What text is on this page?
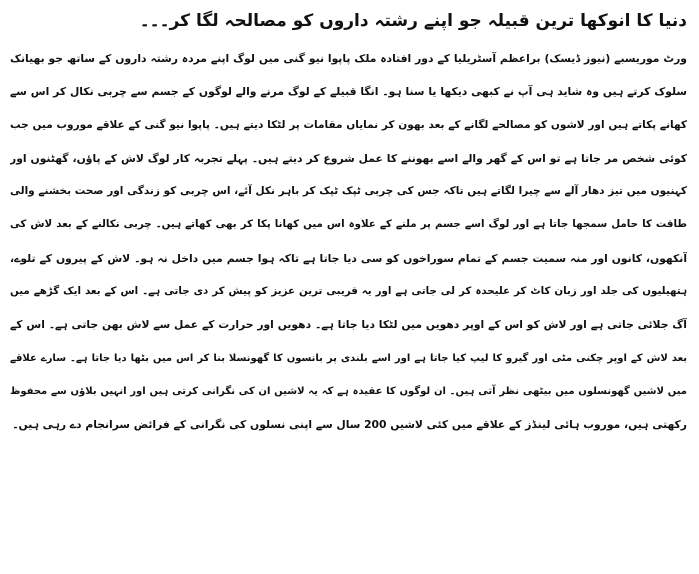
دنیا کا انوکھا ترین قبیلہ جو اپنے رشتہ داروں کو مصالحہ لگا کر۔۔۔
ورٹ موریسبے (نیوز ڈیسک) براعظم آسٹریلیا کے دور افتادہ ملک پاپوا نیو گنی میں لوگ اپنے مردہ رشتہ داروں کے ساتھ جو بھیانک
سلوک کرتے ہیں وہ شاید ہی آپ نے کبھی دیکھا یا سنا ہو۔ انگا قبیلے کے لوگ مرنے والے لوگوں کے جسم سے چربی نکال کر اس سے
کھانے پکاتے ہیں اور لاشوں کو مصالحے لگانے کے بعد بھون کر نمایاں مقامات پر لٹکا دیتے ہیں۔ پاپوا نیو گنی کے علاقے موروب میں جب
کوئی شخص مر جاتا ہے تو اس کے گھر والے اسے بھوننے کا عمل شروع کر دیتے ہیں۔ پہلے تجربہ کار لوگ لاش کے پاؤں، گھٹنوں اور
کہنیوں میں تیز دھار آلے سے چیرا لگاتے ہیں تاکہ جس کی چربی ٹپک ٹپک کر باہر نکل آئے، اس چربی کو زندگی اور صحت بخشنے والی
طاقت کا حامل سمجھا جاتا ہے اور لوگ اسے جسم پر ملنے کے علاوہ اس میں کھانا پکا کر بھی کھاتے ہیں۔ چربی نکالنے کے بعد لاش کی
آنکھوں، کانوں اور منہ سمیت جسم کے تمام سوراخوں کو سی دیا جاتا ہے تاکہ ہوا جسم میں داخل نہ ہو۔ لاش کے پیروں کے تلوے،
ہتھیلیوں کی جلد اور زبان کاٹ کر علیحدہ کر لی جاتی ہے اور یہ قریبی ترین عزیز کو پیش کر دی جاتی ہے۔ اس کے بعد ایک گڑھے میں
آگ جلائی جاتی ہے اور لاش کو اس کے اوپر دھویں میں لٹکا دیا جاتا ہے۔ دھویں اور حرارت کے عمل سے لاش بھن جاتی ہے۔ اس کے
بعد لاش کے اوپر چکنی مٹی اور گیرو کا لیپ کیا جاتا ہے اور اسے بلندی پر بانسوں کا گھونسلا بنا کر اس میں بٹھا دیا جاتا ہے۔ سارے علاقے
میں لاشیں گھونسلوں میں بیٹھی نظر آتی ہیں۔ ان لوگوں کا عقیدہ ہے کہ یہ لاشیں ان کی نگرانی کرتی ہیں اور انہیں بلاؤں سے محفوظ
رکھتی ہیں، موروب ہائی لینڈز کے علاقے میں کئی لاشیں 200 سال سے اپنی نسلوں کی نگرانی کے فرائض سرانجام دے رہی ہیں۔
